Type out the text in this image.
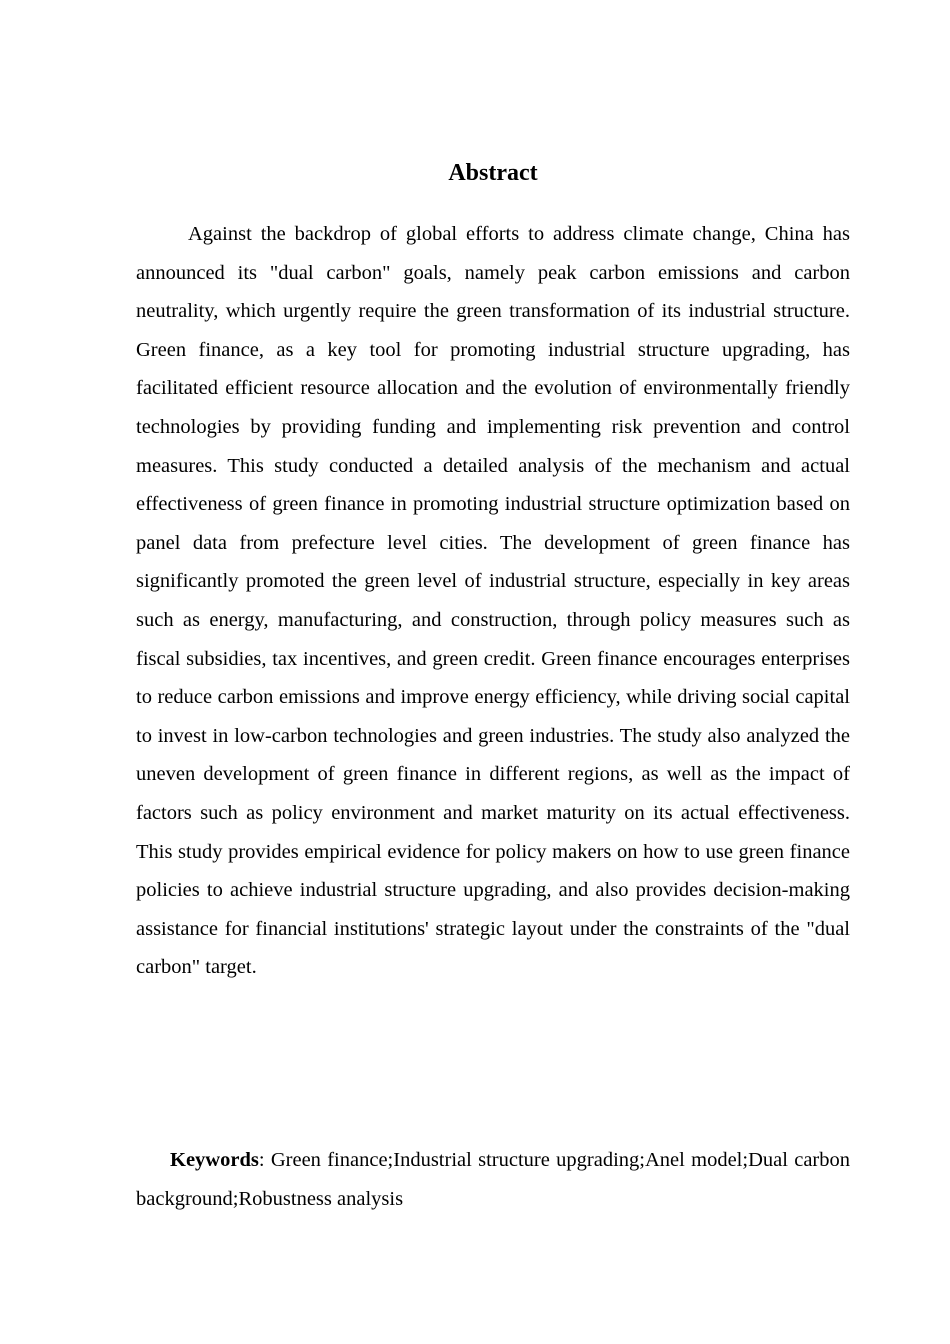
Abstract

Against the backdrop of global efforts to address climate change, China has announced its "dual carbon" goals, namely peak carbon emissions and carbon neutrality, which urgently require the green transformation of its industrial structure. Green finance, as a key tool for promoting industrial structure upgrading, has facilitated efficient resource allocation and the evolution of environmentally friendly technologies by providing funding and implementing risk prevention and control measures. This study conducted a detailed analysis of the mechanism and actual effectiveness of green finance in promoting industrial structure optimization based on panel data from prefecture level cities. The development of green finance has significantly promoted the green level of industrial structure, especially in key areas such as energy, manufacturing, and construction, through policy measures such as fiscal subsidies, tax incentives, and green credit. Green finance encourages enterprises to reduce carbon emissions and improve energy efficiency, while driving social capital to invest in low-carbon technologies and green industries. The study also analyzed the uneven development of green finance in different regions, as well as the impact of factors such as policy environment and market maturity on its actual effectiveness. This study provides empirical evidence for policy makers on how to use green finance policies to achieve industrial structure upgrading, and also provides decision-making assistance for financial institutions' strategic layout under the constraints of the "dual carbon" target.

Keywords: Green finance;Industrial structure upgrading;Anel model;Dual carbon background;Robustness analysis
